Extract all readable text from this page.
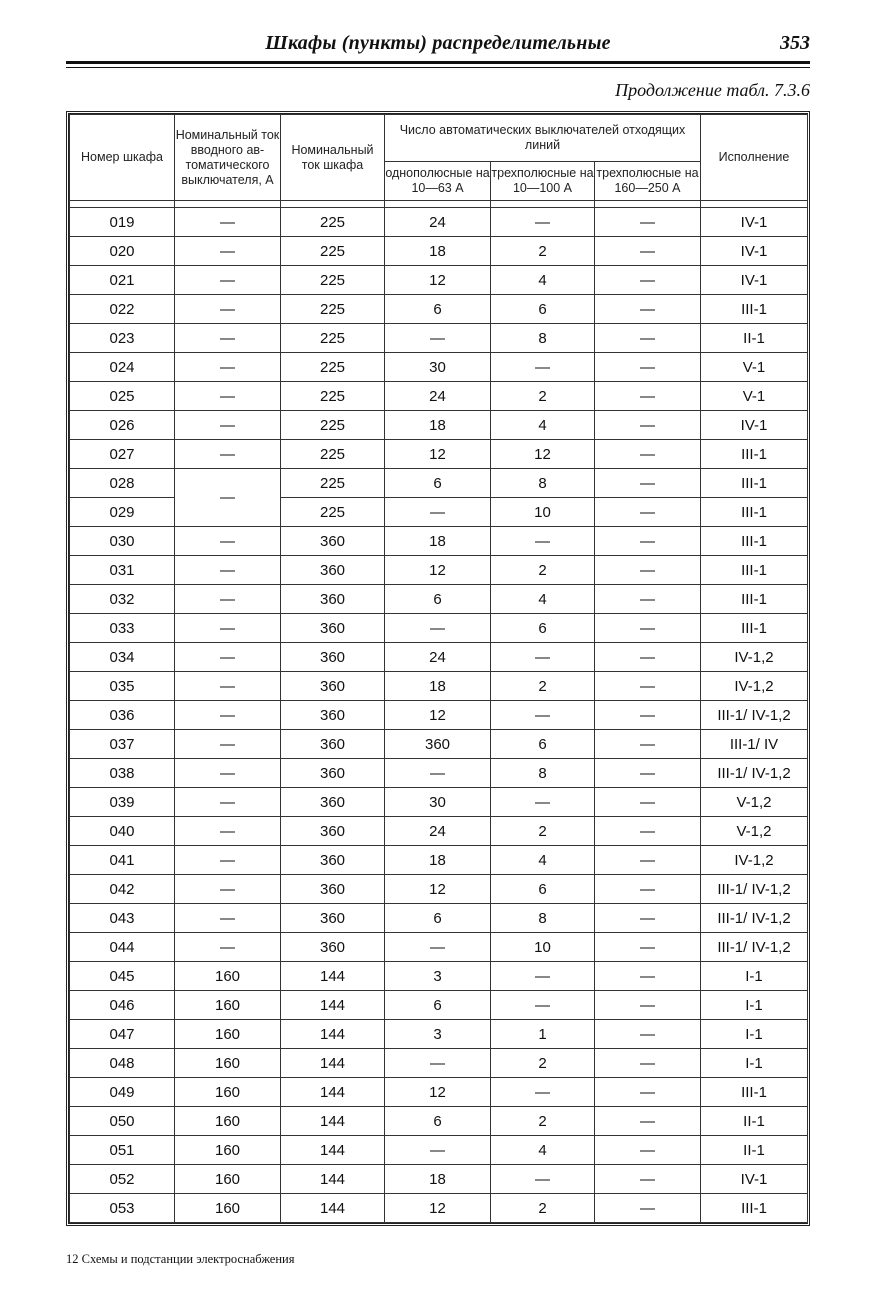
Шкафы (пункты) распределительные	353
Продолжение табл. 7.3.6
Номер шкафа	Номинальный ток вводного ав- томатического выключателя, А	Номинальный ток шкафа	Число автоматических выключателей отходящих линий			Исполнение
			однополюсные на 10—63 А	трехполюсные на 10—100 А	трехполюсные на 160—250 А	

019	—	225	24	—	—	IV-1
020	—	225	18	2	—	IV-1
021	—	225	12	4	—	IV-1
022	—	225	6	6	—	III-1
023	—	225	—	8	—	II-1
024	—	225	30	—	—	V-1
025	—	225	24	2	—	V-1
026	—	225	18	4	—	IV-1
027	—	225	12	12	—	III-1
028	—	225	6	8	—	III-1
029		225	—	10	—	III-1
030	—	360	18	—	—	III-1
031	—	360	12	2	—	III-1
032	—	360	6	4	—	III-1
033	—	360	—	6	—	III-1
034	—	360	24	—	—	IV-1,2
035	—	360	18	2	—	IV-1,2
036	—	360	12	—	—	III-1/ IV-1,2
037	—	360	360	6	—	III-1/ IV
038	—	360	—	8	—	III-1/ IV-1,2
039	—	360	30	—	—	V-1,2
040	—	360	24	2	—	V-1,2
041	—	360	18	4	—	IV-1,2
042	—	360	12	6	—	III-1/ IV-1,2
043	—	360	6	8	—	III-1/ IV-1,2
044	—	360	—	10	—	III-1/ IV-1,2
045	160	144	3	—	—	I-1
046	160	144	6	—	—	I-1
047	160	144	3	1	—	I-1
048	160	144	—	2	—	I-1
049	160	144	12	—	—	III-1
050	160	144	6	2	—	II-1
051	160	144	—	4	—	II-1
052	160	144	18	—	—	IV-1
053	160	144	12	2	—	III-1
12 Схемы и подстанции электроснабжения
